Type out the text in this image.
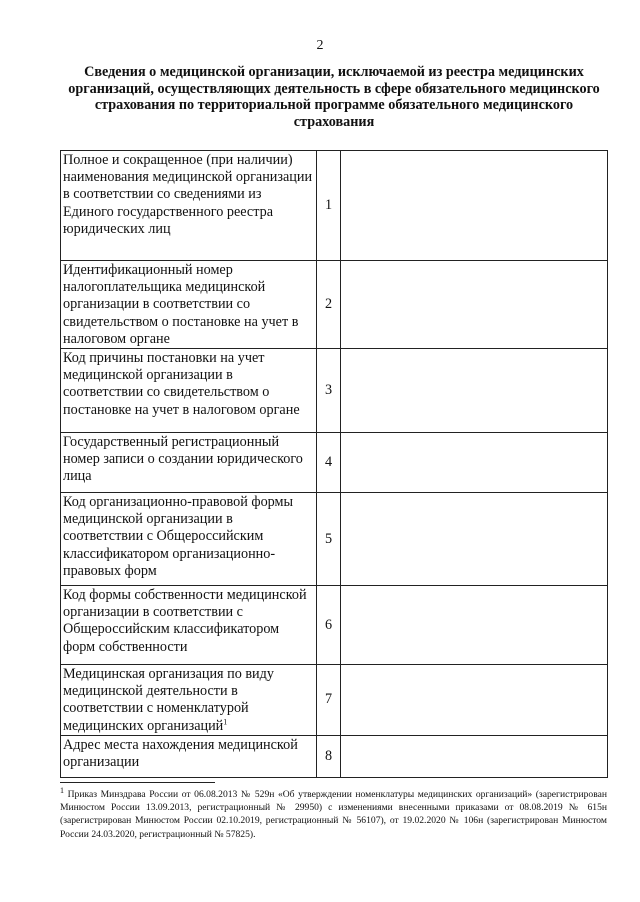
2
Сведения о медицинской организации, исключаемой из реестра медицинских организаций, осуществляющих деятельность в сфере обязательного медицинского страхования по территориальной программе обязательного медицинского страхования
Полное и сокращенное (при наличии) наименования медицинской организации в соответствии со сведениями из Единого государственного реестра юридических лиц	1	
Идентификационный номер налогоплательщика медицинской организации в соответствии со свидетельством о постановке на учет в налоговом органе	2	
Код причины постановки на учет медицинской организации в соответствии со свидетельством о постановке на учет в налоговом органе	3	
Государственный регистрационный номер записи о создании юридического лица	4	
Код организационно-правовой формы медицинской организации в соответствии с Общероссийским классификатором организационно-правовых форм	5	
Код формы собственности медицинской организации в соответствии с Общероссийским классификатором форм собственности	6	
Медицинская организация по виду медицинской деятельности в соответствии с номенклатурой медицинских организаций$^1$	7	
Адрес места нахождения медицинской организации	8	
$^1$ Приказ Минздрава России от 06.08.2013 № 529н «Об утверждении номенклатуры медицинских организаций» (зарегистрирован Минюстом России 13.09.2013, регистрационный № 29950) с изменениями внесенными приказами от 08.08.2019 № 615н (зарегистрирован Минюстом России 02.10.2019, регистрационный № 56107), от 19.02.2020 № 106н (зарегистрирован Минюстом России 24.03.2020, регистрационный № 57825).
